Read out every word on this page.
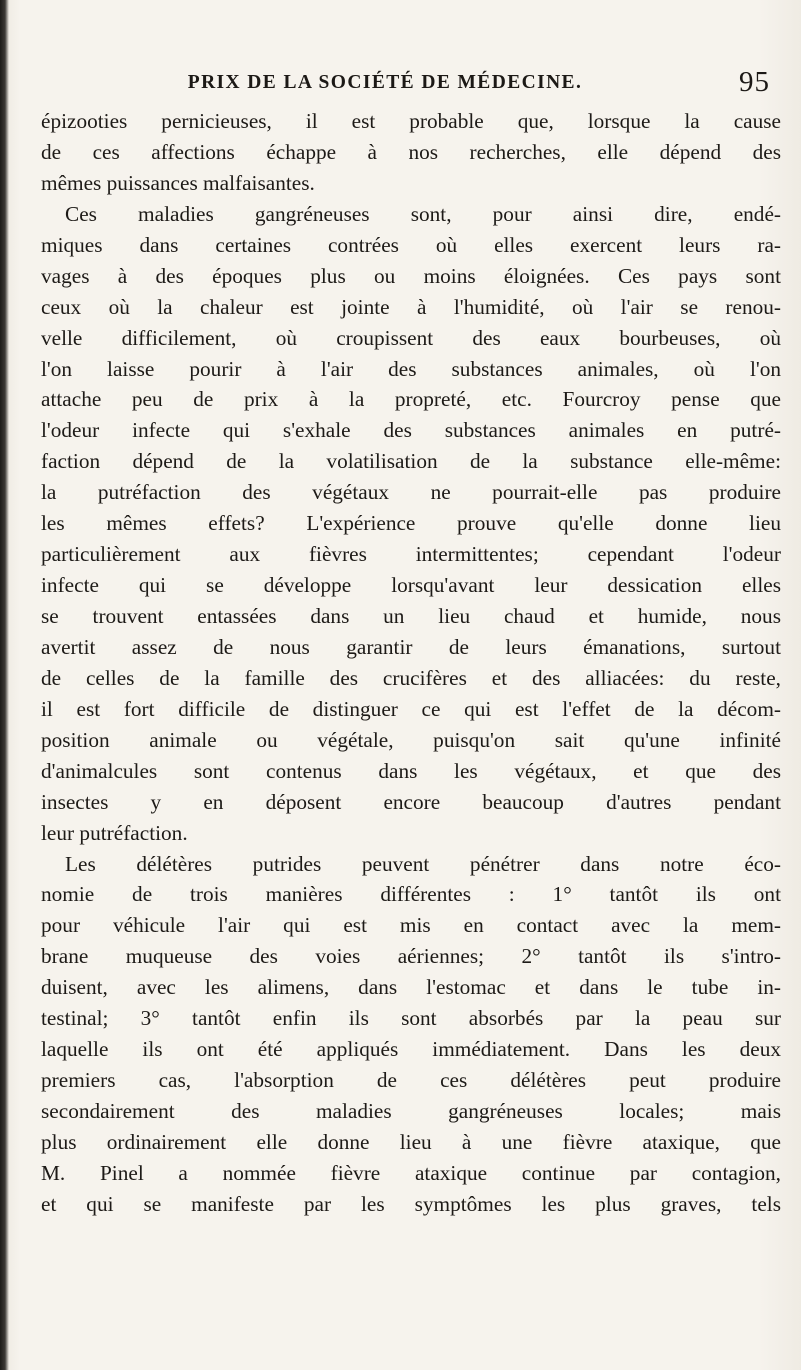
PRIX DE LA SOCIÉTÉ DE MÉDECINE.	95
épizooties pernicieuses, il est probable que, lorsque la cause
de ces affections échappe à nos recherches, elle dépend des
mêmes puissances malfaisantes.
Ces maladies gangréneuses sont, pour ainsi dire, endé-
miques dans certaines contrées où elles exercent leurs ra-
vages à des époques plus ou moins éloignées. Ces pays sont
ceux où la chaleur est jointe à l'humidité, où l'air se renou-
velle difficilement, où croupissent des eaux bourbeuses, où
l'on laisse pourir à l'air des substances animales, où l'on
attache peu de prix à la propreté, etc. Fourcroy pense que
l'odeur infecte qui s'exhale des substances animales en putré-
faction dépend de la volatilisation de la substance elle-même:
la putréfaction des végétaux ne pourrait-elle pas produire
les mêmes effets? L'expérience prouve qu'elle donne lieu
particulièrement aux fièvres intermittentes; cependant l'odeur
infecte qui se développe lorsqu'avant leur dessication elles
se trouvent entassées dans un lieu chaud et humide, nous
avertit assez de nous garantir de leurs émanations, surtout
de celles de la famille des crucifères et des alliacées: du reste,
il est fort difficile de distinguer ce qui est l'effet de la décom-
position animale ou végétale, puisqu'on sait qu'une infinité
d'animalcules sont contenus dans les végétaux, et que des
insectes y en déposent encore beaucoup d'autres pendant
leur putréfaction.
Les délétères putrides peuvent pénétrer dans notre éco-
nomie de trois manières différentes : 1° tantôt ils ont
pour véhicule l'air qui est mis en contact avec la mem-
brane muqueuse des voies aériennes; 2° tantôt ils s'intro-
duisent, avec les alimens, dans l'estomac et dans le tube in-
testinal; 3° tantôt enfin ils sont absorbés par la peau sur
laquelle ils ont été appliqués immédiatement. Dans les deux
premiers cas, l'absorption de ces délétères peut produire
secondairement des maladies gangréneuses locales; mais
plus ordinairement elle donne lieu à une fièvre ataxique, que
M. Pinel a nommée fièvre ataxique continue par contagion,
et qui se manifeste par les symptômes les plus graves, tels
